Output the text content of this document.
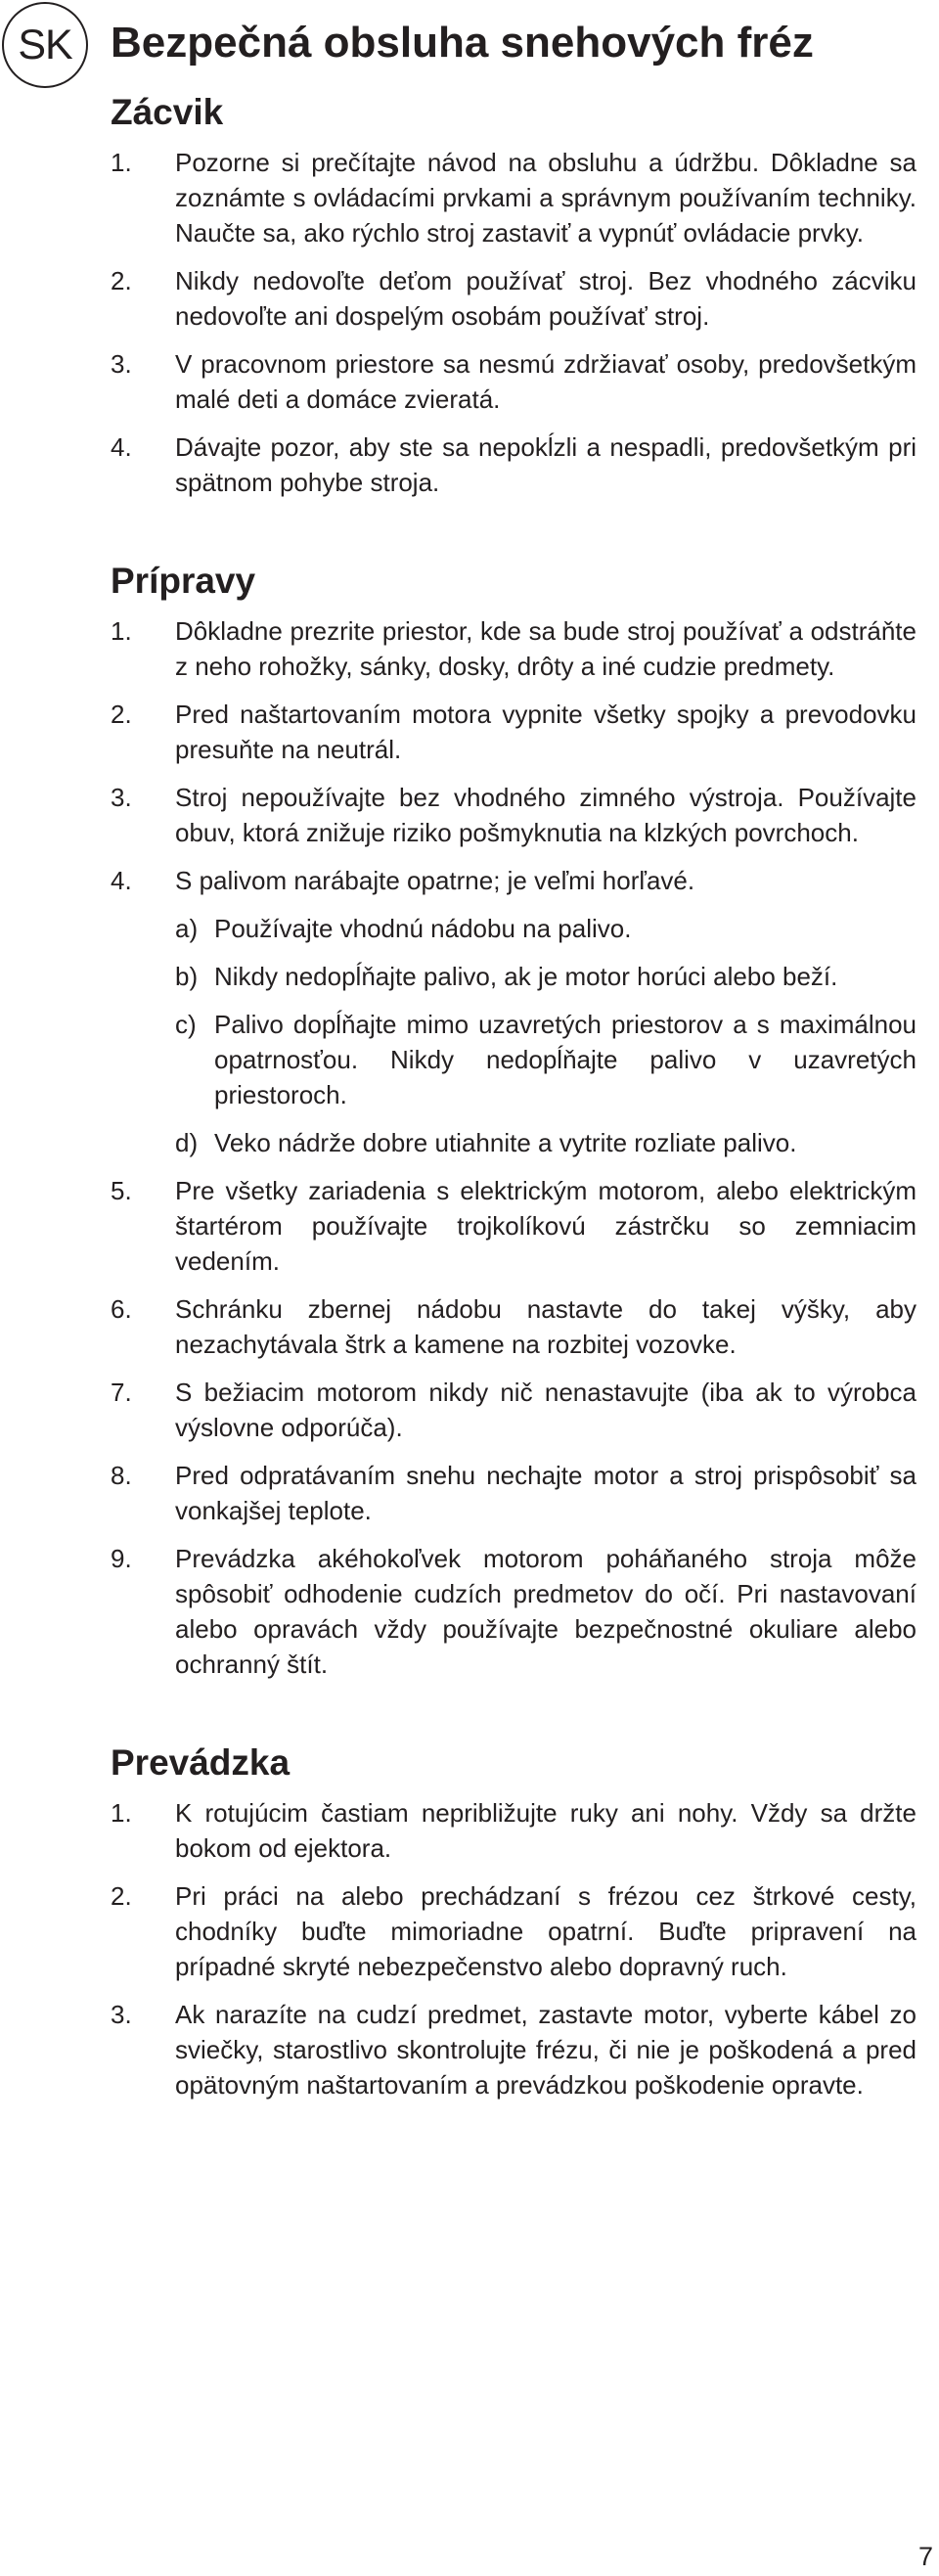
SK Bezpečná obsluha snehových fréz
Zácvik
1. Pozorne si prečítajte návod na obsluhu a údržbu. Dôkladne sa zoznámte s ovládacími prvkami a správnym používaním techniky. Naučte sa, ako rýchlo stroj zastaviť a vypnúť ovládacie prvky.
2. Nikdy nedovoľte deťom používať stroj. Bez vhodného zácviku nedovoľte ani dospelým osobám používať stroj.
3. V pracovnom priestore sa nesmú zdržiavať osoby, predovšetkým malé deti a domáce zvieratá.
4. Dávajte pozor, aby ste sa nepokĺzli a nespadli, predovšetkým pri spätnom pohybe stroja.
Prípravy
1. Dôkladne prezrite priestor, kde sa bude stroj používať a odstráňte z neho rohožky, sánky, dosky, drôty a iné cudzie predmety.
2. Pred naštartovaním motora vypnite všetky spojky a prevodovku presuňte na neutrál.
3. Stroj nepoužívajte bez vhodného zimného výstroja. Používajte obuv, ktorá znižuje riziko pošmyknutia na klzkých povrchoch.
4. S palivom narábajte opatrne; je veľmi horľavé.
a) Používajte vhodnú nádobu na palivo.
b) Nikdy nedopĺňajte palivo, ak je motor horúci alebo beží.
c) Palivo dopĺňajte mimo uzavretých priestorov a s maximálnou opatrnosťou. Nikdy nedopĺňajte palivo v uzavretých priestoroch.
d) Veko nádrže dobre utiahnite a vytrite rozliate palivo.
5. Pre všetky zariadenia s elektrickým motorom, alebo elektrickým štartérom používajte trojkolíkovú zástrčku so zemniacim vedením.
6. Schránku zbernej nádobu nastavte do takej výšky, aby nezachytávala štrk a kamene na rozbitej vozovke.
7. S bežiacim motorom nikdy nič nenastavujte (iba ak to výrobca výslovne odporúča).
8. Pred odpratávaním snehu nechajte motor a stroj prispôsobiť sa vonkajšej teplote.
9. Prevádzka akéhokoľvek motorom poháňaného stroja môže spôsobiť odhodenie cudzích predmetov do očí. Pri nastavovaní alebo opravách vždy používajte bezpečnostné okuliare alebo ochranný štít.
Prevádzka
1. K rotujúcim častiam nepribližujte ruky ani nohy. Vždy sa držte bokom od ejektora.
2. Pri práci na alebo prechádzaní s frézou cez štrkové cesty, chodníky buďte mimoriadne opatrní. Buďte pripravení na prípadné skryté nebezpečenstvo alebo dopravný ruch.
3. Ak narazíte na cudzí predmet, zastavte motor, vyberte kábel zo sviečky, starostlivo skontrolujte frézu, či nie je poškodená a pred opätovným naštartovaním a prevádzkou poškodenie opravte.
7
